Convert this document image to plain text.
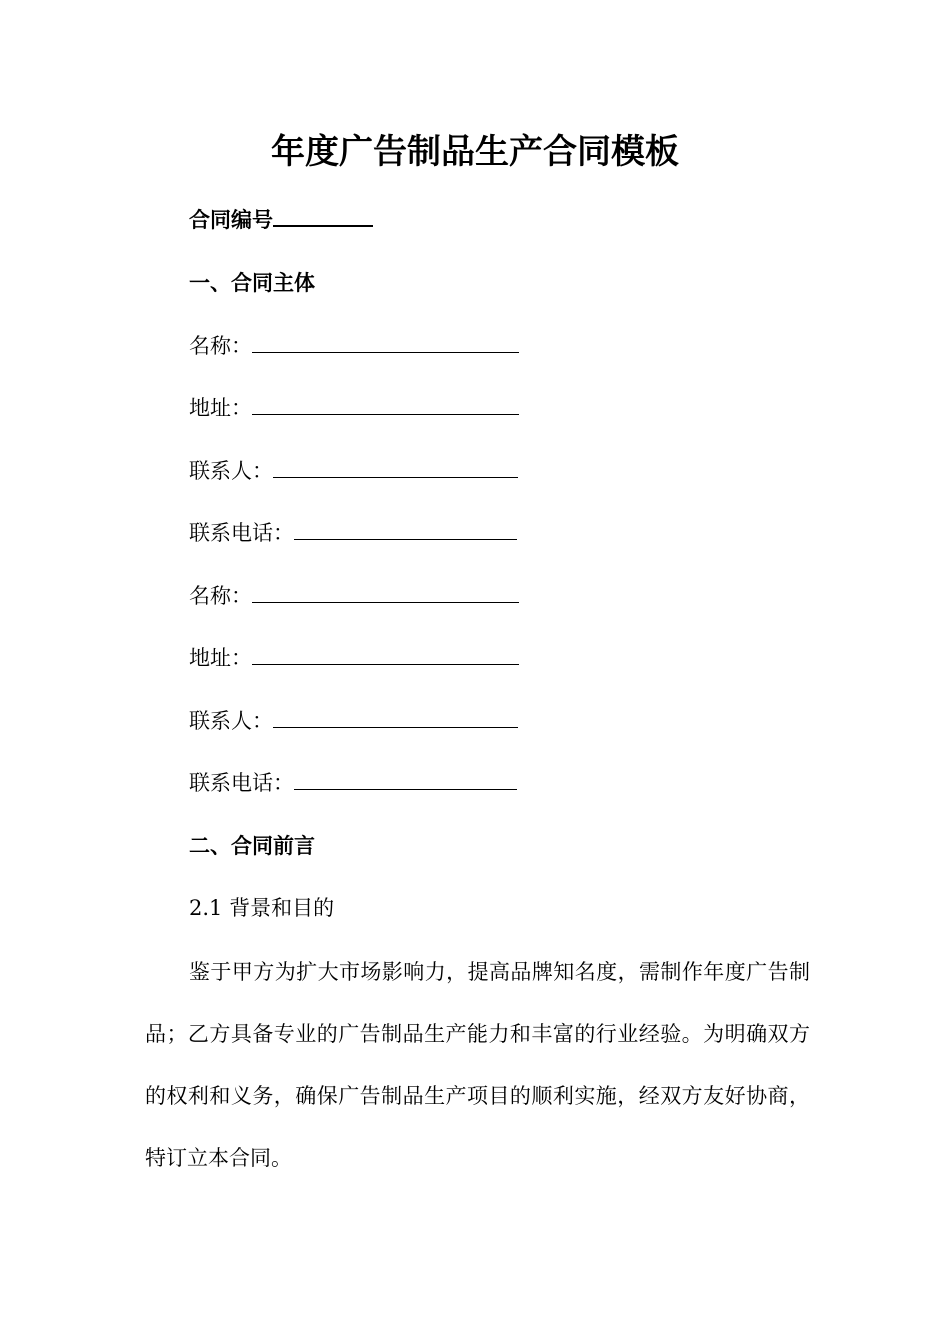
年度广告制品生产合同模板
合同编号
一、合同主体
名称：
地址：
联系人：
联系电话：
名称：
地址：
联系人：
联系电话：
二、合同前言
2.1 背景和目的
鉴于甲方为扩大市场影响力，提高品牌知名度，需制作年度广告制品；乙方具备专业的广告制品生产能力和丰富的行业经验。为明确双方的权利和义务，确保广告制品生产项目的顺利实施，经双方友好协商，特订立本合同。
